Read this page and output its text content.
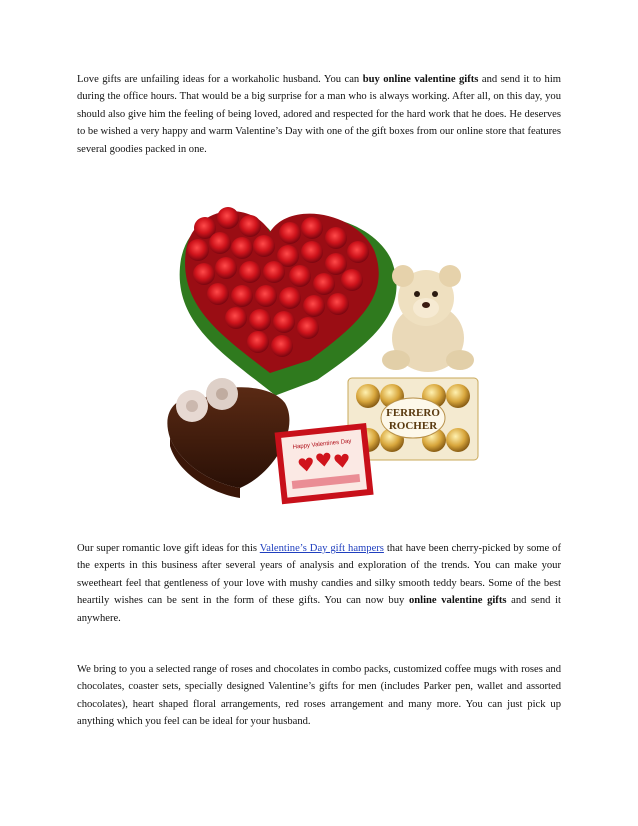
Love gifts are unfailing ideas for a workaholic husband. You can buy online valentine gifts and send it to him during the office hours. That would be a big surprise for a man who is always working. After all, on this day, you should also give him the feeling of being loved, adored and respected for the hard work that he does. He deserves to be wished a very happy and warm Valentine’s Day with one of the gift boxes from our online store that features several goodies packed in one.

FERRERO
ROCHER
Happy Valentines Day

Our super romantic love gift ideas for this Valentine’s Day gift hampers that have been cherry-picked by some of the experts in this business after several years of analysis and exploration of the trends. You can make your sweetheart feel that gentleness of your love with mushy candies and silky smooth teddy bears. Some of the best heartily wishes can be sent in the form of these gifts. You can now buy online valentine gifts and send it anywhere.

We bring to you a selected range of roses and chocolates in combo packs, customized coffee mugs with roses and chocolates, coaster sets, specially designed Valentine’s gifts for men (includes Parker pen, wallet and assorted chocolates), heart shaped floral arrangements, red roses arrangement and many more. You can just pick up anything which you feel can be ideal for your husband.
